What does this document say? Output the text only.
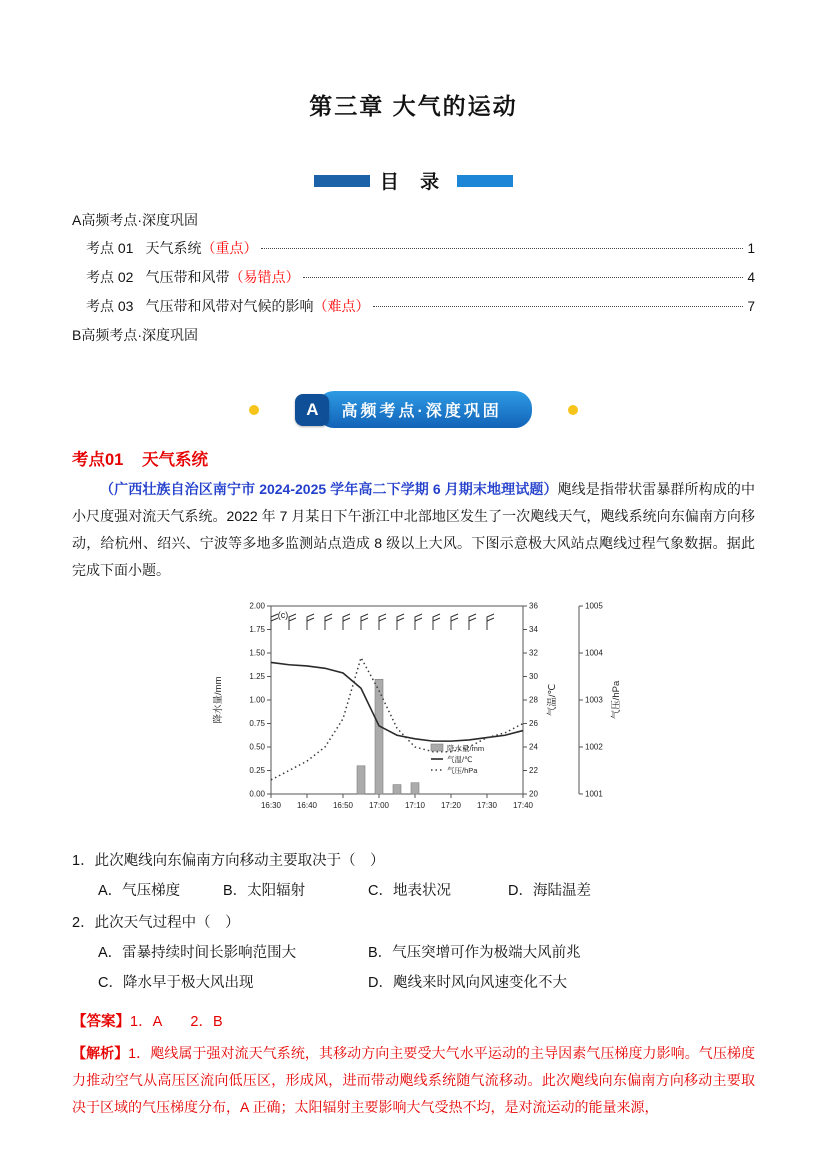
第三章 大气的运动
目 录
A高频考点·深度巩固
考点 01 天气系统 （重点）	1
考点 02 气压带和风带 （易错点）	4
考点 03 气压带和风带对气候的影响 （难点）	7
B高频考点·深度巩固
A	高频考点·深度巩固
考点01 天气系统
（广西壮族自治区南宁市 2024-2025 学年高二下学期 6 月期末地理试题）飑线是指带状雷暴群所构成的中小尺度强对流天气系统。2022 年 7 月某日下午浙江中北部地区发生了一次飑线天气，飑线系统向东偏南方向移动，给杭州、绍兴、宁波等多地多监测站点造成 8 级以上大风。下图示意极大风站点飑线过程气象数据。据此完成下面小题。
0.00
0.25
0.50
0.75
1.00
1.25
1.50
1.75
2.00
20
22
24
26
28
30
32
34
36
1001
1002
1003
1004
1005
16:30 16:40 16:50 17:00 17:10 17:20 17:30 17:40
(c)
降水量/mm
气温/℃
气压/hPa
降水量/mm	气温/℃	气压/hPa
1．此次飑线向东偏南方向移动主要取决于（　）
A．气压梯度	B．太阳辐射	C．地表状况	D．海陆温差
2．此次天气过程中（　）
A．雷暴持续时间长影响范围大	B．气压突增可作为极端大风前兆
C．降水早于极大风出现	D．飑线来时风向风速变化不大
【答案】1．A　　2．B
【解析】1．飑线属于强对流天气系统，其移动方向主要受大气水平运动的主导因素气压梯度力影响。气压梯度力推动空气从高压区流向低压区，形成风，进而带动飑线系统随气流移动。此次飑线向东偏南方向移动主要取决于区域的气压梯度分布，A 正确；太阳辐射主要影响大气受热不均，是对流运动的能量来源，
